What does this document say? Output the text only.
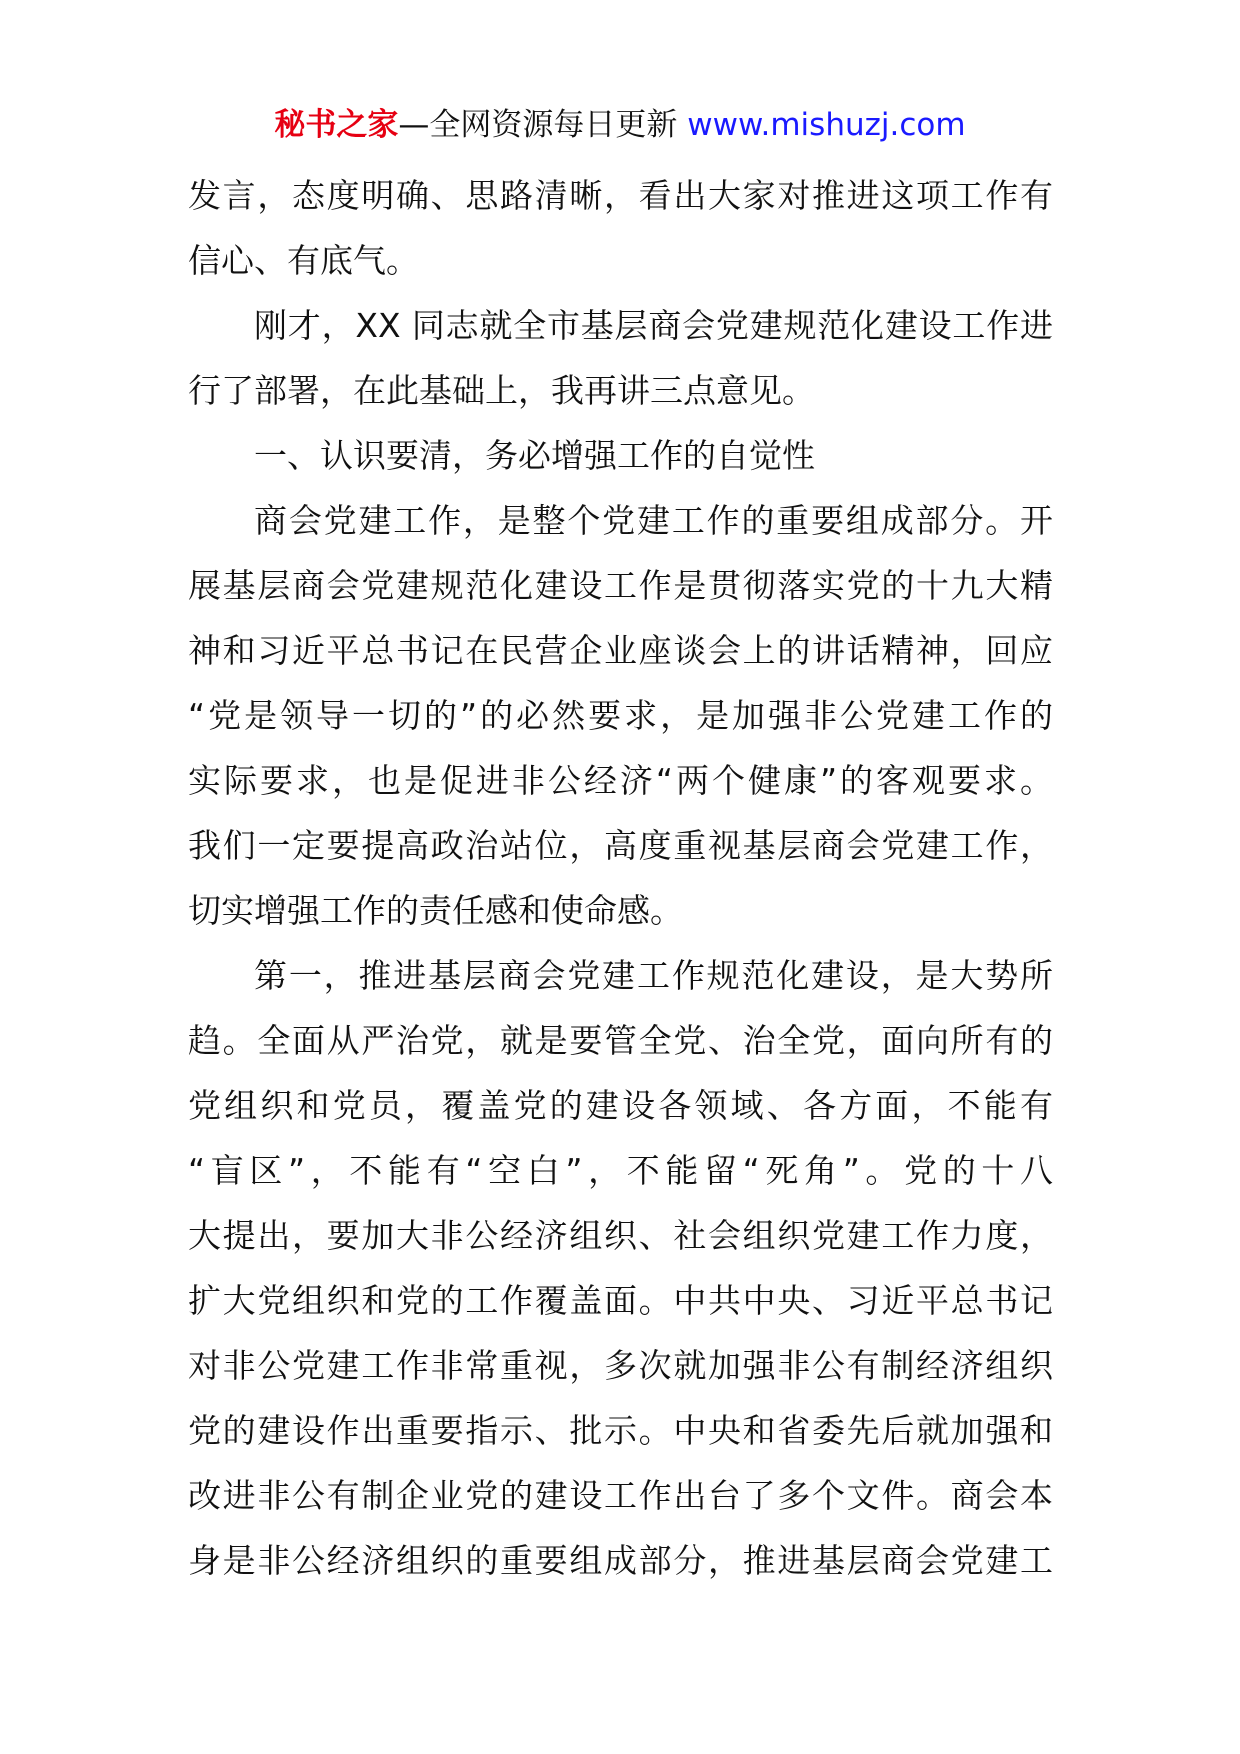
秘书之家—全网资源每日更新 www.mishuzj.com
发言，态度明确、思路清晰，看出大家对推进这项工作有
信心、有底气。
刚才，XX 同志就全市基层商会党建规范化建设工作进
行了部署，在此基础上，我再讲三点意见。
一、认识要清，务必增强工作的自觉性
商会党建工作，是整个党建工作的重要组成部分。开
展基层商会党建规范化建设工作是贯彻落实党的十九大精
神和习近平总书记在民营企业座谈会上的讲话精神，回应
“党是领导一切的”的必然要求，是加强非公党建工作的
实际要求，也是促进非公经济“两个健康”的客观要求。
我们一定要提高政治站位，高度重视基层商会党建工作，
切实增强工作的责任感和使命感。
第一，推进基层商会党建工作规范化建设，是大势所
趋。全面从严治党，就是要管全党、治全党，面向所有的
党组织和党员，覆盖党的建设各领域、各方面，不能有
“盲区”，不能有“空白”，不能留“死角”。党的十八
大提出，要加大非公经济组织、社会组织党建工作力度，
扩大党组织和党的工作覆盖面。中共中央、习近平总书记
对非公党建工作非常重视，多次就加强非公有制经济组织
党的建设作出重要指示、批示。中央和省委先后就加强和
改进非公有制企业党的建设工作出台了多个文件。商会本
身是非公经济组织的重要组成部分，推进基层商会党建工
